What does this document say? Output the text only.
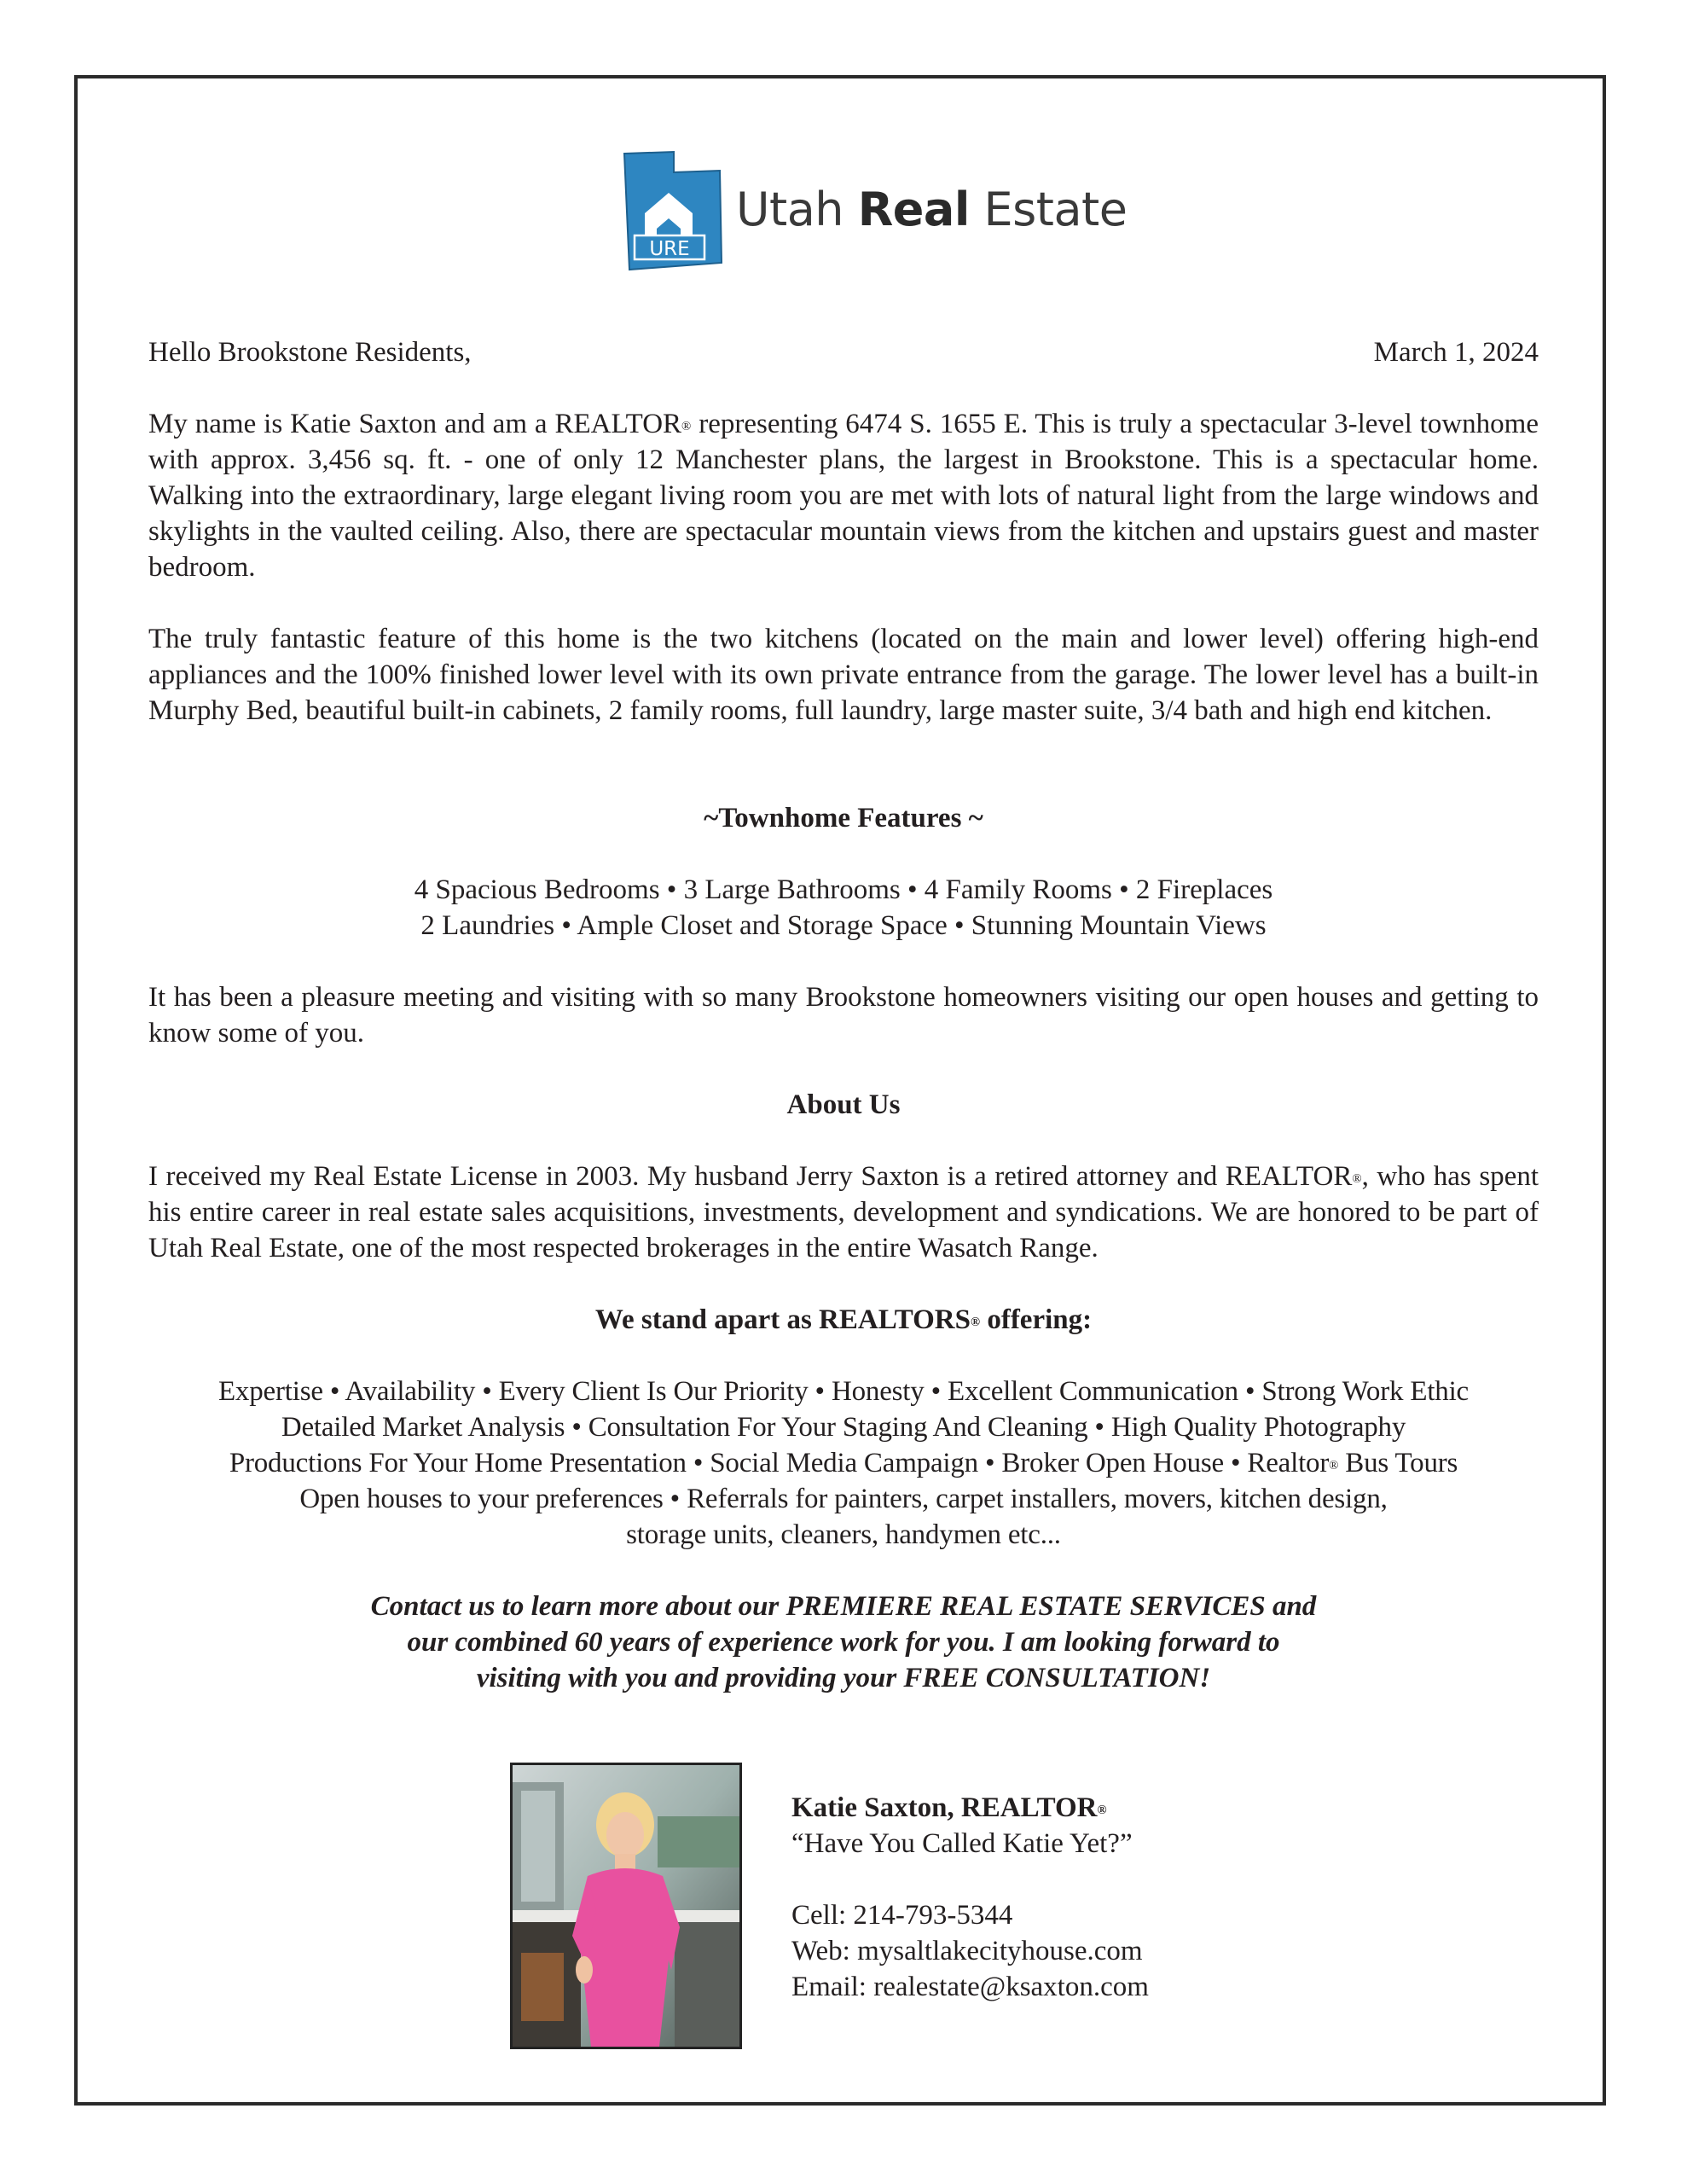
URE
Utah Real Estate
Hello Brookstone Residents,	March 1, 2024

My name is Katie Saxton and am a REALTOR® representing 6474 S. 1655 E. This is truly a spectacular 3-level townhome with approx. 3,456 sq. ft. - one of only 12 Manchester plans, the largest in Brookstone. This is a spectacular home. Walking into the extraordinary, large elegant living room you are met with lots of natural light from the large windows and skylights in the vaulted ceiling. Also, there are spectacular mountain views from the kitchen and upstairs guest and master bedroom.

The truly fantastic feature of this home is the two kitchens (located on the main and lower level) offering high-end appliances and the 100% finished lower level with its own private entrance from the garage. The lower level has a built-in Murphy Bed, beautiful built-in cabinets, 2 family rooms, full laundry, large master suite, 3/4 bath and high end kitchen.

~Townhome Features ~
4 Spacious Bedrooms • 3 Large Bathrooms • 4 Family Rooms • 2 Fireplaces
2 Laundries • Ample Closet and Storage Space • Stunning Mountain Views

It has been a pleasure meeting and visiting with so many Brookstone homeowners visiting our open houses and getting to know some of you.

About Us

I received my Real Estate License in 2003. My husband Jerry Saxton is a retired attorney and REALTOR®, who has spent his entire career in real estate sales acquisitions, investments, development and syndications. We are honored to be part of Utah Real Estate, one of the most respected brokerages in the entire Wasatch Range.

We stand apart as REALTORS® offering:
Expertise • Availability • Every Client Is Our Priority • Honesty • Excellent Communication • Strong Work Ethic
Detailed Market Analysis • Consultation For Your Staging And Cleaning • High Quality Photography
Productions For Your Home Presentation • Social Media Campaign • Broker Open House • Realtor® Bus Tours
Open houses to your preferences • Referrals for painters, carpet installers, movers, kitchen design,
storage units, cleaners, handymen etc...
Contact us to learn more about our PREMIERE REAL ESTATE SERVICES and
our combined 60 years of experience work for you. I am looking forward to
visiting with you and providing your FREE CONSULTATION!
Katie Saxton, REALTOR®
“Have You Called Katie Yet?”
Cell: 214-793-5344
Web: mysaltlakecityhouse.com
Email: realestate@ksaxton.com
